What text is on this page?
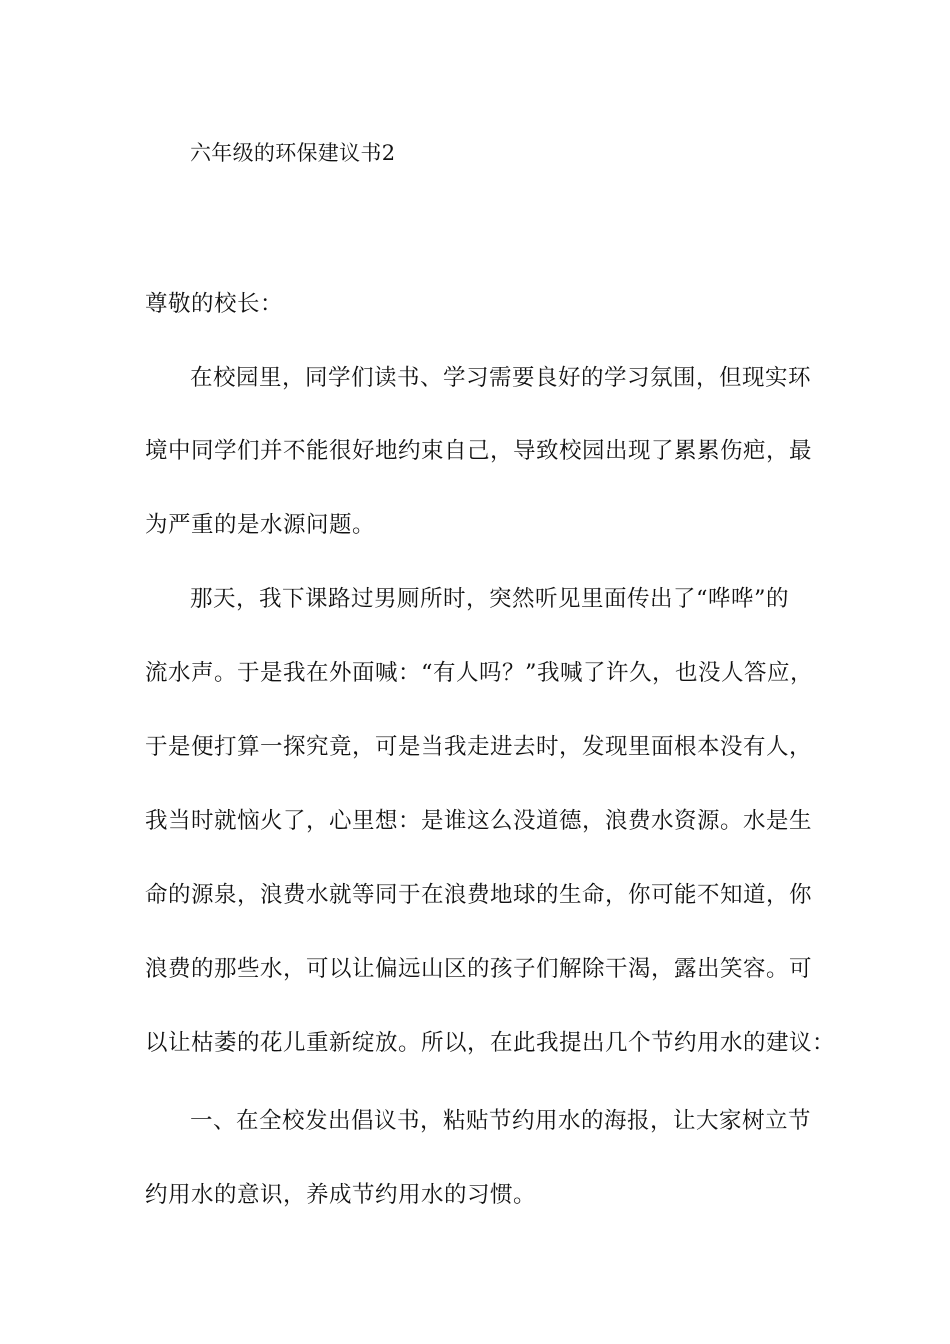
六年级的环保建议书2
尊敬的校长：
在校园里，同学们读书、学习需要良好的学习氛围，但现实环
境中同学们并不能很好地约束自己，导致校园出现了累累伤疤，最
为严重的是水源问题。
那天，我下课路过男厕所时，突然听见里面传出了“哗哗”的
流水声。于是我在外面喊：“有人吗？”我喊了许久，也没人答应，
于是便打算一探究竟，可是当我走进去时，发现里面根本没有人，
我当时就恼火了，心里想：是谁这么没道德，浪费水资源。水是生
命的源泉，浪费水就等同于在浪费地球的生命，你可能不知道，你
浪费的那些水，可以让偏远山区的孩子们解除干渴，露出笑容。可
以让枯萎的花儿重新绽放。所以，在此我提出几个节约用水的建议：
一、在全校发出倡议书，粘贴节约用水的海报，让大家树立节
约用水的意识，养成节约用水的习惯。
